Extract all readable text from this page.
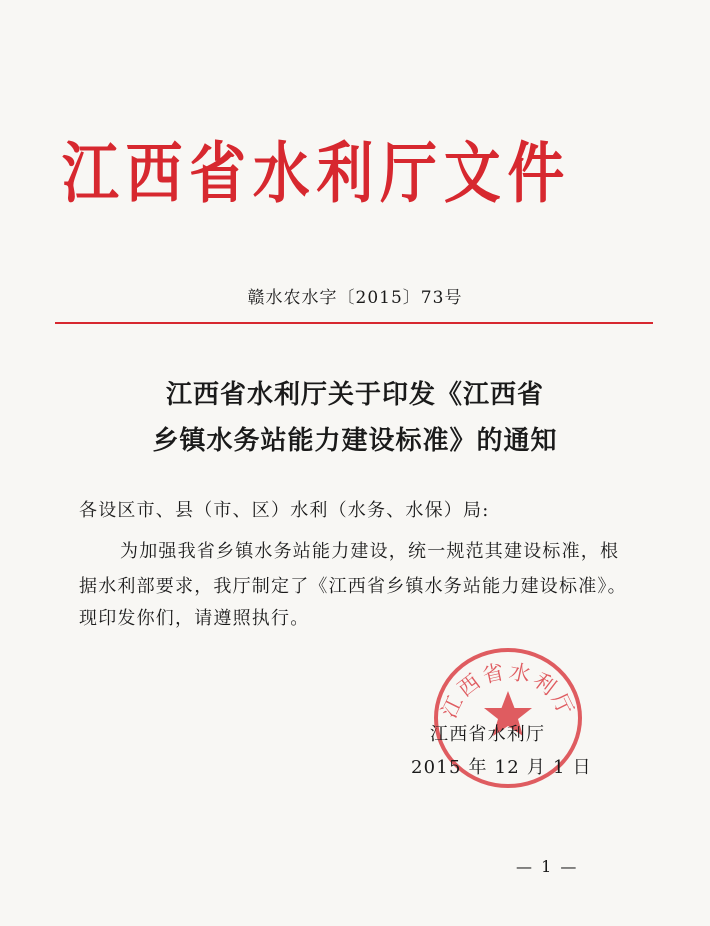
江西省水利厅文件
赣水农水字〔2015〕73号
江西省水利厅关于印发《江西省
乡镇水务站能力建设标准》的通知
各设区市、县（市、区）水利（水务、水保）局:
为加强我省乡镇水务站能力建设，统一规范其建设标准，根
据水利部要求，我厅制定了《江西省乡镇水务站能力建设标准》。
现印发你们，请遵照执行。
江西省水利厅
江西省水利厅
2015 年 12 月 1 日
— 1 —
